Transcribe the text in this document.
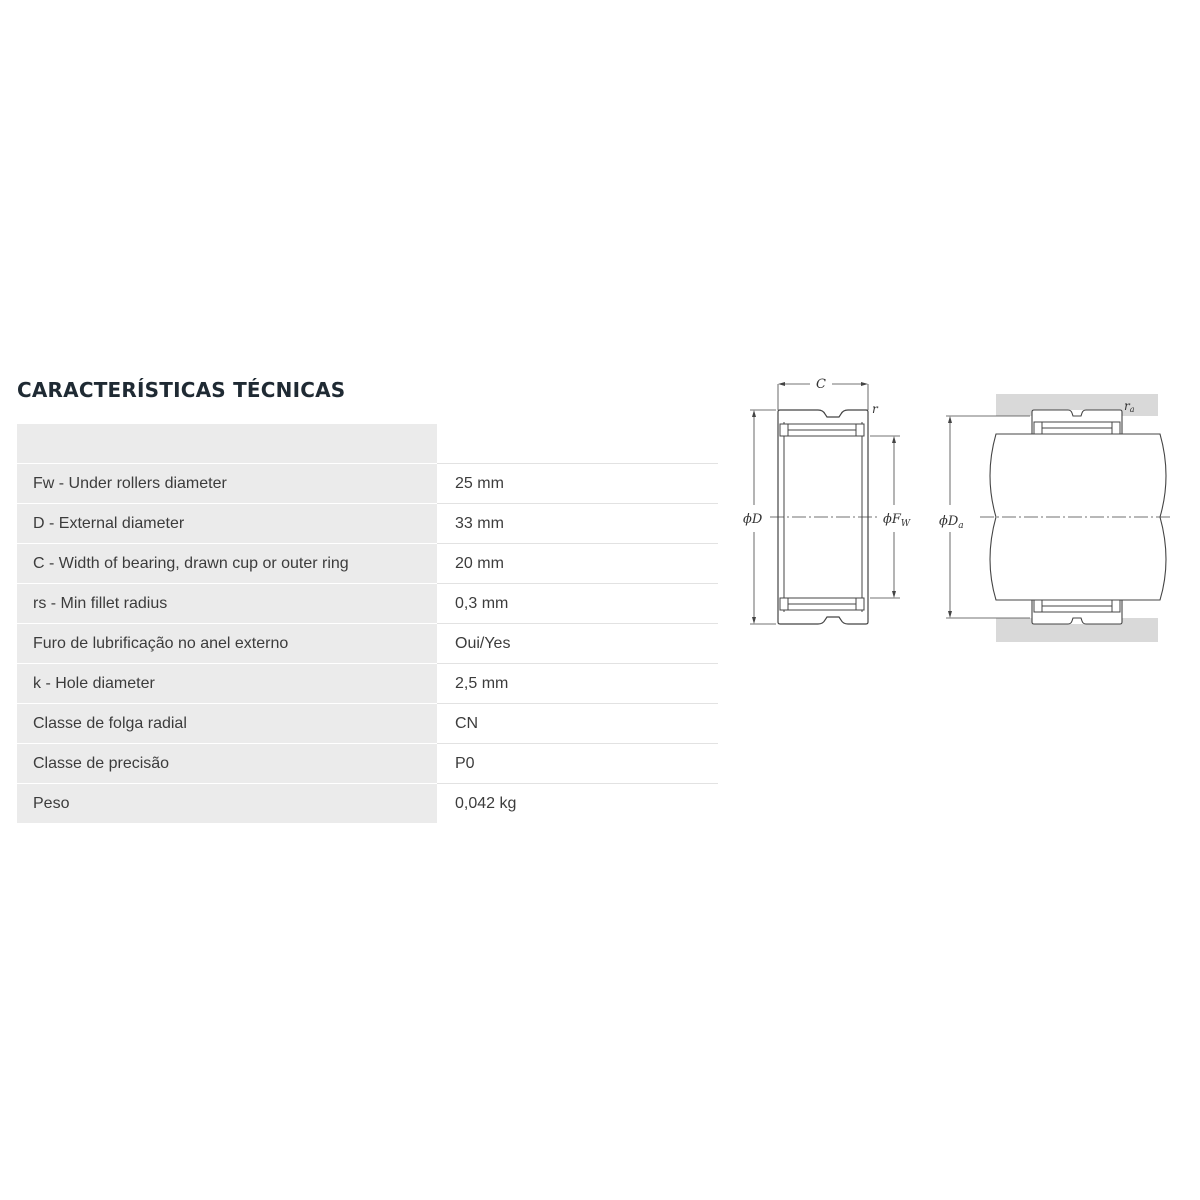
CARACTERÍSTICAS TÉCNICAS

Fw - Under rollers diameter	25 mm
D - External diameter	33 mm
C - Width of bearing, drawn cup or outer ring	20 mm
rs - Min fillet radius	0,3 mm
Furo de lubrificação no anel externo	Oui/Yes
k - Hole diameter	2,5 mm
Classe de folga radial	CN
Classe de precisão	P0
Peso	0,042 kg
C
r
ϕD	$\phi F_W$ $\phi D_a$
ra
